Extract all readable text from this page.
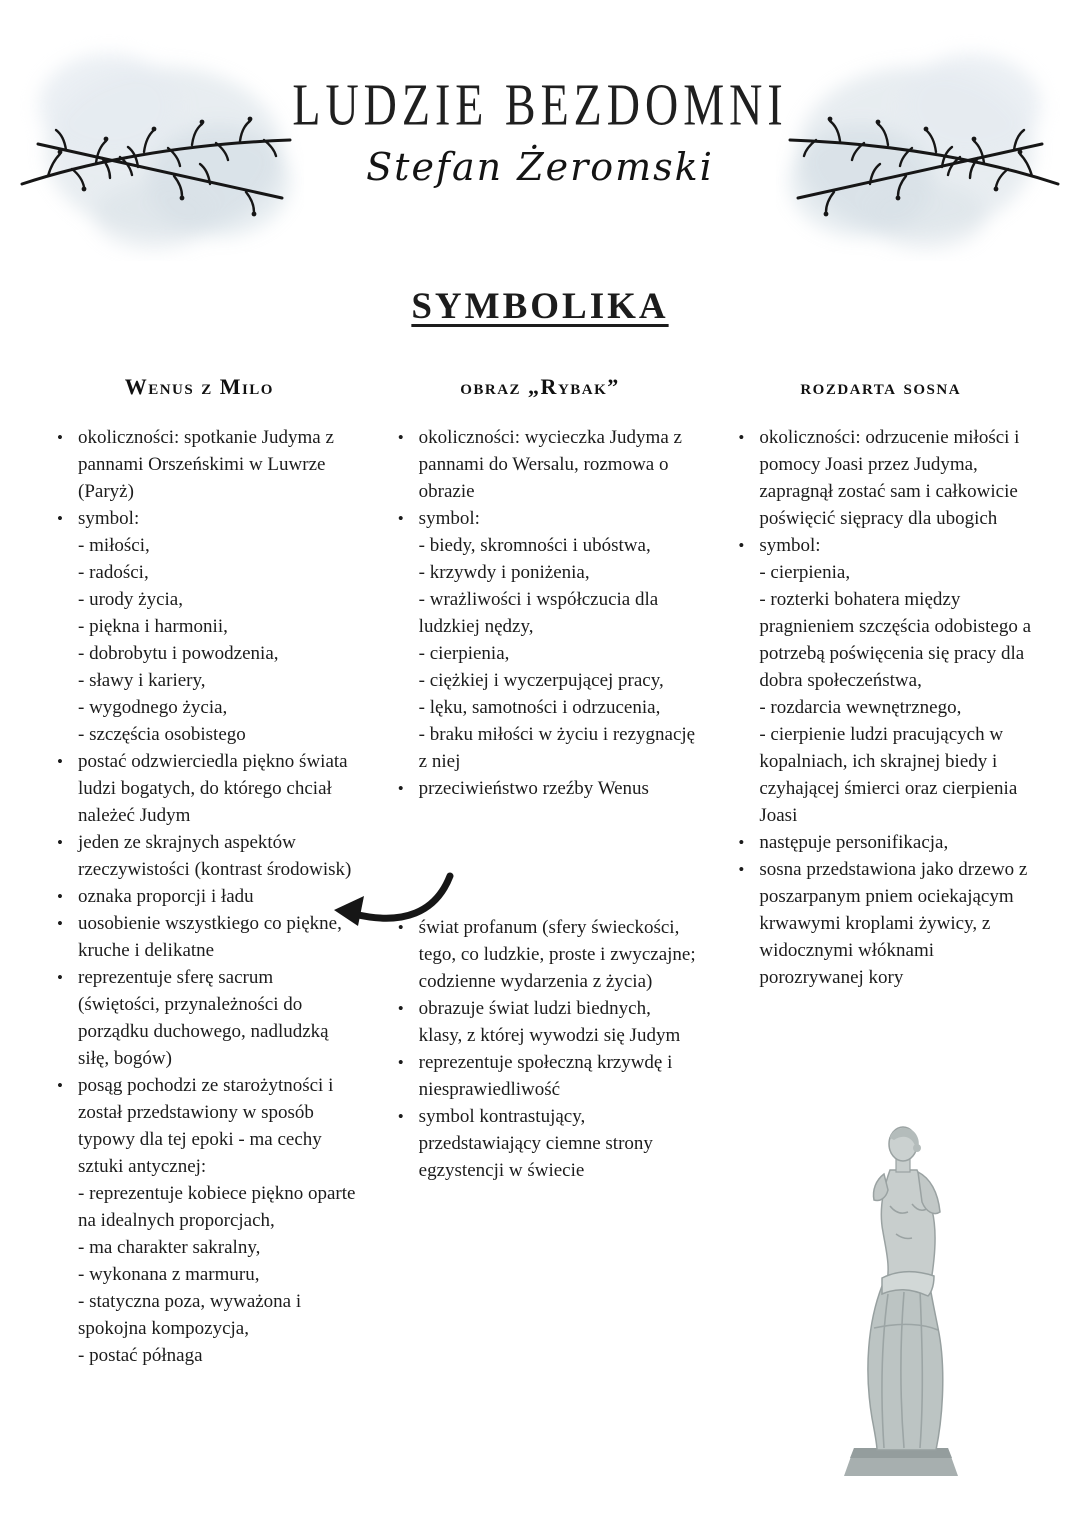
LUDZIE BEZDOMNI
Stefan Żeromski
SYMBOLIKA
Wenus z Milo
• okoliczności: spotkanie Judyma z pannami Orszeńskimi w Luwrze (Paryż)
• symbol:
- miłości,
- radości,
- urody życia,
- piękna i harmonii,
- dobrobytu i powodzenia,
- sławy i kariery,
- wygodnego życia,
- szczęścia osobistego
• postać odzwierciedla piękno świata ludzi bogatych, do którego chciał należeć Judym
• jeden ze skrajnych aspektów rzeczywistości (kontrast środowisk)
• oznaka proporcji i ładu
• uosobienie wszystkiego co piękne, kruche i delikatne
• reprezentuje sferę sacrum (świętości, przynależności do porządku duchowego, nadludzką siłę, bogów)
• posąg pochodzi ze starożytności i został przedstawiony w sposób typowy dla tej epoki - ma cechy sztuki antycznej:
- reprezentuje kobiece piękno oparte na idealnych proporcjach,
- ma charakter sakralny,
- wykonana z marmuru,
- statyczna poza, wyważona i spokojna kompozycja,
- postać półnaga
obraz „Rybak”
• okoliczności: wycieczka Judyma z pannami do Wersalu, rozmowa o obrazie
• symbol:
- biedy, skromności i ubóstwa,
- krzywdy i poniżenia,
- wrażliwości i współczucia dla ludzkiej nędzy,
- cierpienia,
- ciężkiej i wyczerpującej pracy,
- lęku, samotności i odrzucenia,
- braku miłości w życiu i rezygnację z niej
• przeciwieństwo rzeźby Wenus
• świat profanum (sfery świeckości, tego, co ludzkie, proste i zwyczajne; codzienne wydarzenia z życia)
• obrazuje świat ludzi biednych, klasy, z której wywodzi się Judym
• reprezentuje społeczną krzywdę i niesprawiedliwość
• symbol kontrastujący, przedstawiający ciemne strony egzystencji w świecie
rozdarta sosna
• okoliczności: odrzucenie miłości i pomocy Joasi przez Judyma, zapragnął zostać sam i całkowicie poświęcić siępracy dla ubogich
• symbol:
- cierpienia,
- rozterki bohatera między pragnieniem szczęścia odobistego a potrzebą poświęcenia się pracy dla dobra społeczeństwa,
- rozdarcia wewnętrznego,
- cierpienie ludzi pracujących w kopalniach, ich skrajnej biedy i czyhającej śmierci oraz cierpienia Joasi
• następuje personifikacja,
• sosna przedstawiona jako drzewo z poszarpanym pniem ociekającym krwawymi kroplami żywicy, z widocznymi włóknami porozrywanej kory
